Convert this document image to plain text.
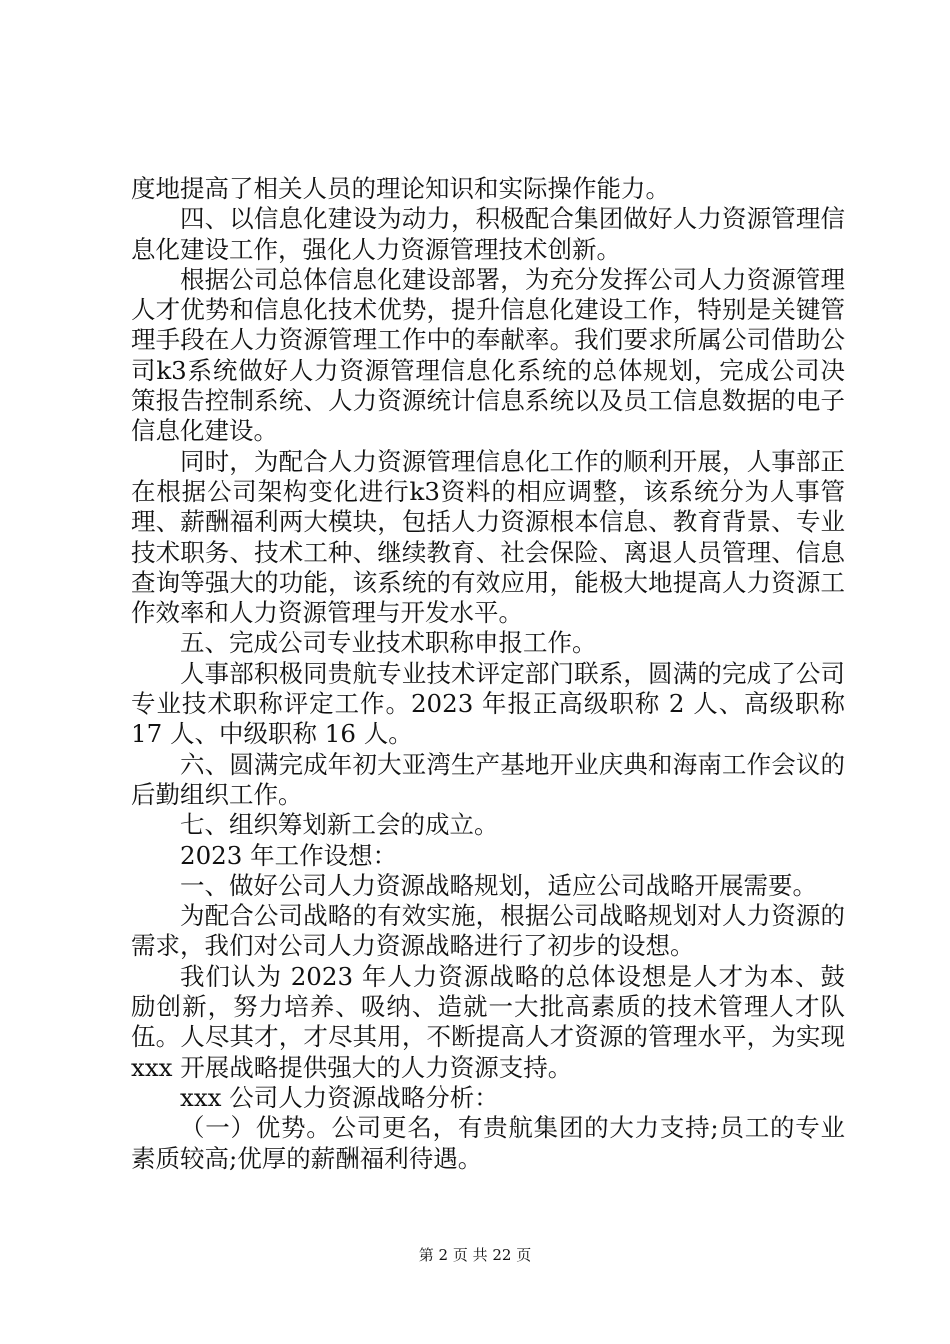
度地提高了相关人员的理论知识和实际操作能力。

四、以信息化建设为动力，积极配合集团做好人力资源管理信息化建设工作，强化人力资源管理技术创新。

根据公司总体信息化建设部署，为充分发挥公司人力资源管理人才优势和信息化技术优势，提升信息化建设工作，特别是关键管理手段在人力资源管理工作中的奉献率。我们要求所属公司借助公司k3系统做好人力资源管理信息化系统的总体规划，完成公司决策报告控制系统、人力资源统计信息系统以及员工信息数据的电子信息化建设。

同时，为配合人力资源管理信息化工作的顺利开展，人事部正在根据公司架构变化进行k3资料的相应调整，该系统分为人事管理、薪酬福利两大模块，包括人力资源根本信息、教育背景、专业技术职务、技术工种、继续教育、社会保险、离退人员管理、信息查询等强大的功能，该系统的有效应用，能极大地提高人力资源工作效率和人力资源管理与开发水平。

五、完成公司专业技术职称申报工作。

人事部积极同贵航专业技术评定部门联系，圆满的完成了公司专业技术职称评定工作。2023 年报正高级职称 2 人、高级职称 17 人、中级职称 16 人。

六、圆满完成年初大亚湾生产基地开业庆典和海南工作会议的后勤组织工作。

七、组织筹划新工会的成立。

2023 年工作设想：

一、做好公司人力资源战略规划，适应公司战略开展需要。

为配合公司战略的有效实施，根据公司战略规划对人力资源的需求，我们对公司人力资源战略进行了初步的设想。

我们认为 2023 年人力资源战略的总体设想是人才为本、鼓励创新，努力培养、吸纳、造就一大批高素质的技术管理人才队伍。人尽其才，才尽其用，不断提高人才资源的管理水平，为实现 xxx 开展战略提供强大的人力资源支持。

xxx 公司人力资源战略分析：

（一）优势。公司更名，有贵航集团的大力支持;员工的专业素质较高;优厚的薪酬福利待遇。

第 2 页 共 22 页
